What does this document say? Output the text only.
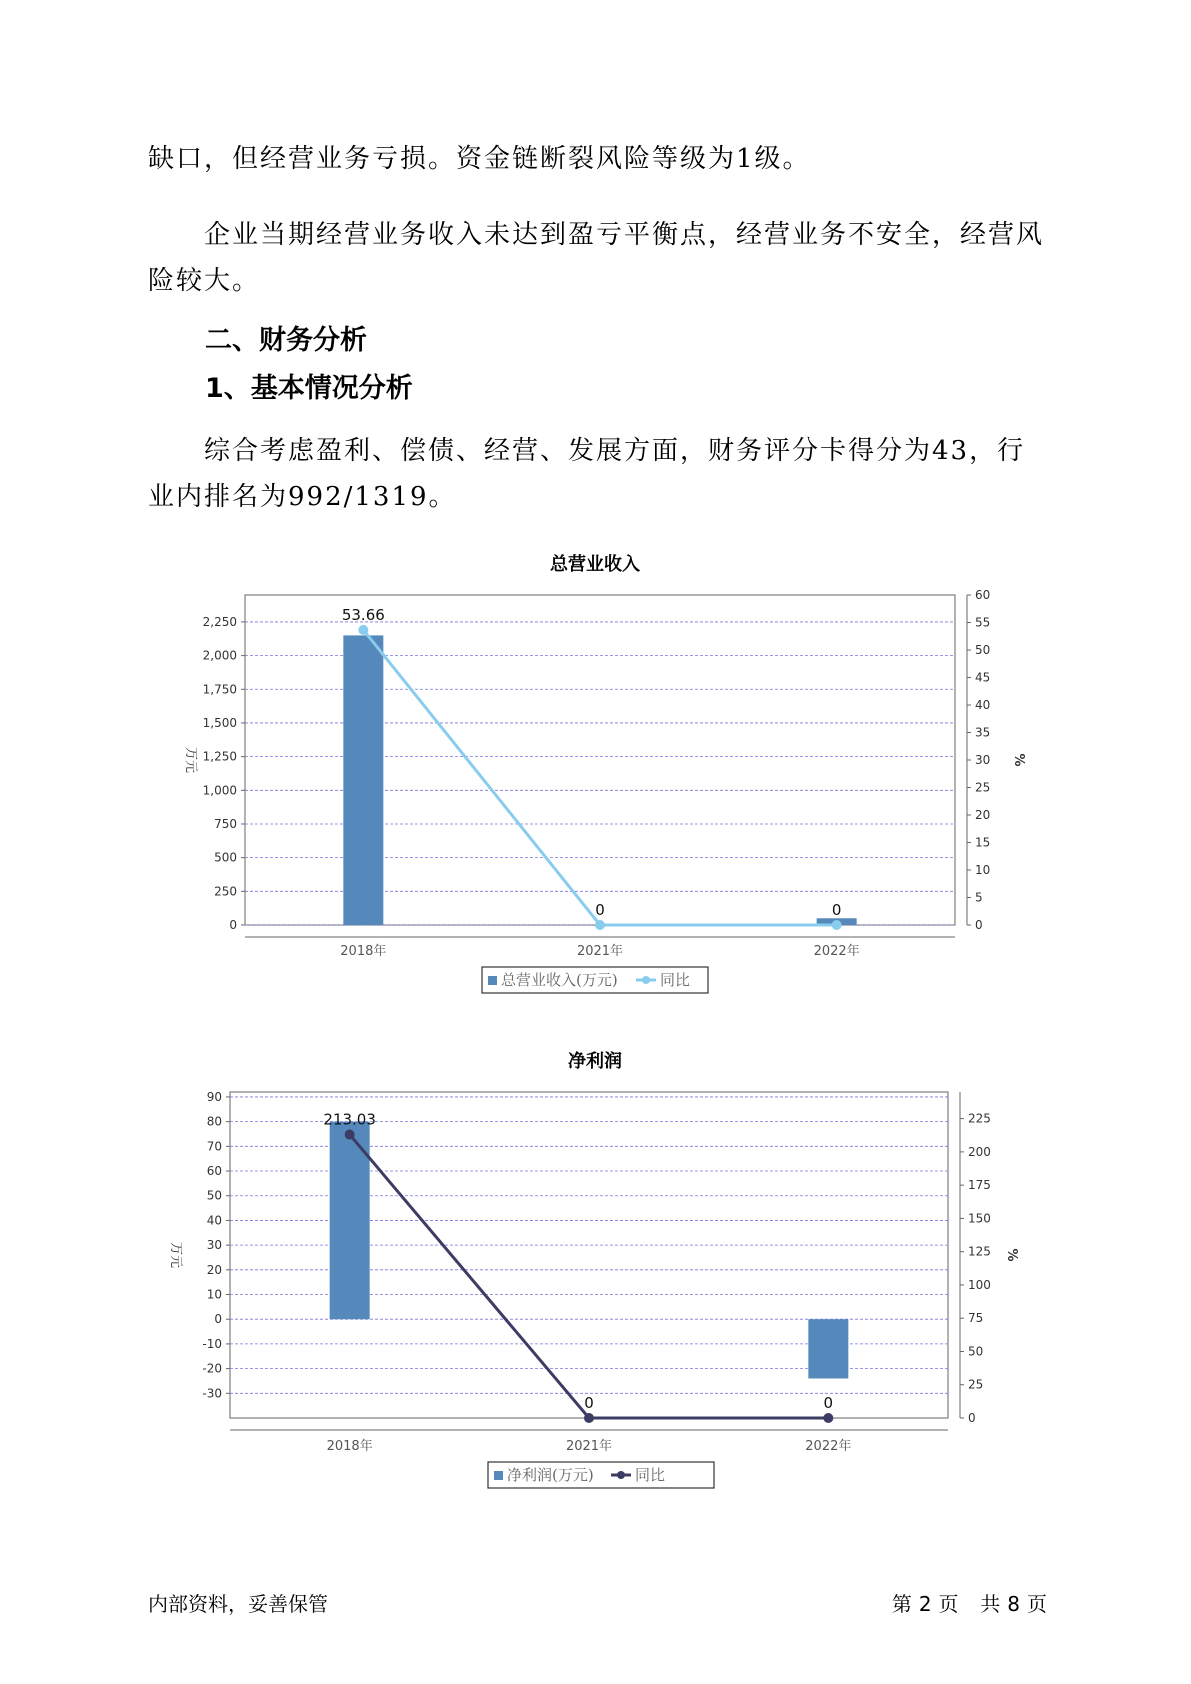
缺口，但经营业务亏损。资金链断裂风险等级为1级。

企业当期经营业务收入未达到盈亏平衡点，经营业务不安全，经营风险较大。

二、财务分析
1、基本情况分析

综合考虑盈利、偿债、经营、发展方面，财务评分卡得分为43，行业内排名为992/1319。

总营业收入
0
250
500
750
1,000
1,250
1,500
1,750
2,000
2,250
0
5
10
15
20
25
30
35
40
45
50
55
60
万元	%
2018年	2021年	2022年
53.66
0	0
总营业收入(万元)	同比
净利润
-30
-20
-10
0
10
20
30
40
50
60
70
80
90
0
25
50
75
100
125
150
175
200
225
万元	%
2018年	2021年	2022年
213.03
0	0
净利润(万元)	同比
内部资料，妥善保管	第 2 页 共 8 页
